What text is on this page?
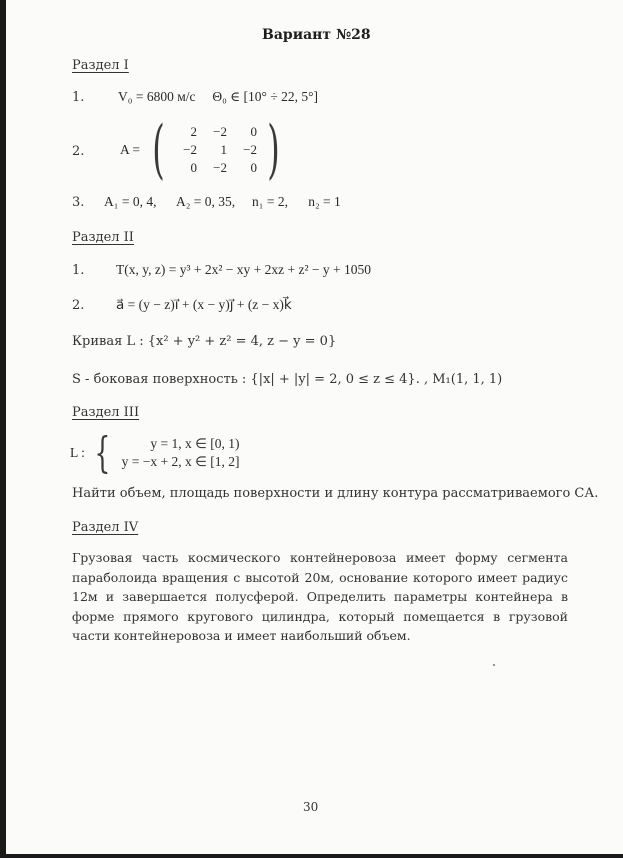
Вариант №28
Раздел I
1. V₀ = 6800 м/с     Θ₀ ∈ [10° ÷ 22, 5°]
2.	A = (	2	−2	0
−2	1	−2
0	−2	0 )
3. A₁ = 0, 4,      A₂ = 0, 35,     n₁ = 2,      n₂ = 1
Раздел II
1. T(x, y, z) = y³ + 2x² − xy + 2xz + z² − y + 1050
2. a⃗ = (y − z)i⃗ + (x − y)j⃗ + (z − x)k⃗
Кривая L : {x² + y² + z² = 4, z − y = 0}
S - боковая поверхность : {|x| + |y| = 2, 0 ≤ z ≤ 4}. , M₁(1, 1, 1)
Раздел III
L : {	y = 1, x ∈ [0, 1)
y = −x + 2, x ∈ [1, 2]
Найти объем, площадь поверхности и длину контура рассматриваемого СА.
Раздел IV
Грузовая часть космического контейнеровоза имеет форму сегмента параболоида вращения с высотой 20м, основание которого имеет радиус 12м и завершается полусферой. Определить параметры контейнера в форме прямого кругового цилиндра, который помещается в грузовой части контейнеровоза и имеет наибольший объем.
30
